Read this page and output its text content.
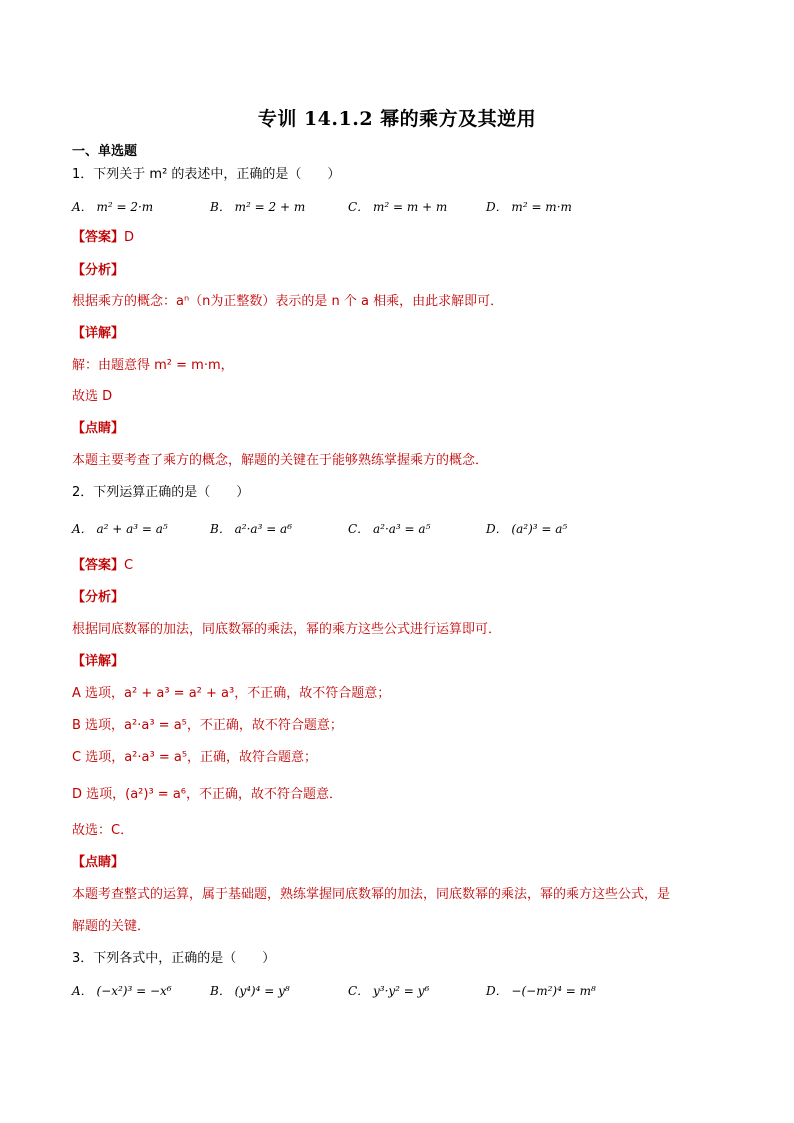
专训 14.1.2 幂的乘方及其逆用
一、单选题
1．下列关于 m² 的表述中，正确的是（　　）
A． m² = 2·m	B． m² = 2 + m	C． m² = m + m	D． m² = m·m
【答案】D
【分析】
根据乘方的概念：aⁿ（n为正整数）表示的是 n 个 a 相乘，由此求解即可．
【详解】
解：由题意得 m² = m·m，
故选 D
【点睛】
本题主要考查了乘方的概念，解题的关键在于能够熟练掌握乘方的概念．
2．下列运算正确的是（　　）
A． a² + a³ = a⁵	B． a²·a³ = a⁶	C． a²·a³ = a⁵	D． (a²)³ = a⁵
【答案】C
【分析】
根据同底数幂的加法，同底数幂的乘法，幂的乘方这些公式进行运算即可．
【详解】
A 选项，a² + a³ = a² + a³，不正确，故不符合题意；
B 选项，a²·a³ = a⁵，不正确，故不符合题意；
C 选项，a²·a³ = a⁵，正确，故符合题意；
D 选项，(a²)³ = a⁶，不正确，故不符合题意．
故选：C．
【点睛】
本题考查整式的运算，属于基础题，熟练掌握同底数幂的加法，同底数幂的乘法，幂的乘方这些公式，是
解题的关键．
3．下列各式中，正确的是（　　）
A． (−x²)³ = −x⁶	B． (y⁴)⁴ = y⁸	C． y³·y² = y⁶	D． −(−m²)⁴ = m⁸
